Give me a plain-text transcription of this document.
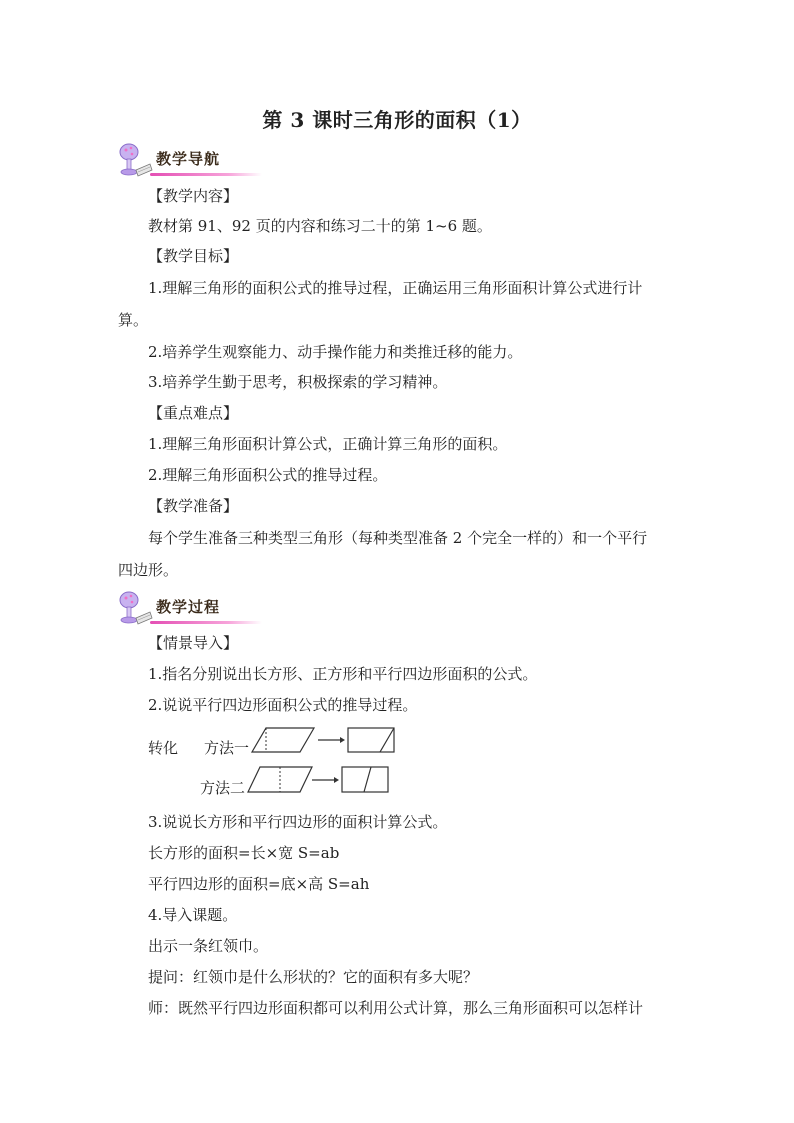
第 3 课时三角形的面积（1）
教学导航
【教学内容】
教材第 91、92 页的内容和练习二十的第 1~6 题。
【教学目标】
1.理解三角形的面积公式的推导过程，正确运用三角形面积计算公式进行计
算。
2.培养学生观察能力、动手操作能力和类推迁移的能力。
3.培养学生勤于思考，积极探索的学习精神。
【重点难点】
1.理解三角形面积计算公式，正确计算三角形的面积。
2.理解三角形面积公式的推导过程。
【教学准备】
每个学生准备三种类型三角形（每种类型准备 2 个完全一样的）和一个平行
四边形。
教学过程
【情景导入】
1.指名分别说出长方形、正方形和平行四边形面积的公式。
2.说说平行四边形面积公式的推导过程。
转化 方法一
方法二
3.说说长方形和平行四边形的面积计算公式。
长方形的面积=长×宽 S=ab
平行四边形的面积=底×高 S=ah
4.导入课题。
出示一条红领巾。
提问：红领巾是什么形状的？它的面积有多大呢？
师：既然平行四边形面积都可以利用公式计算，那么三角形面积可以怎样计
